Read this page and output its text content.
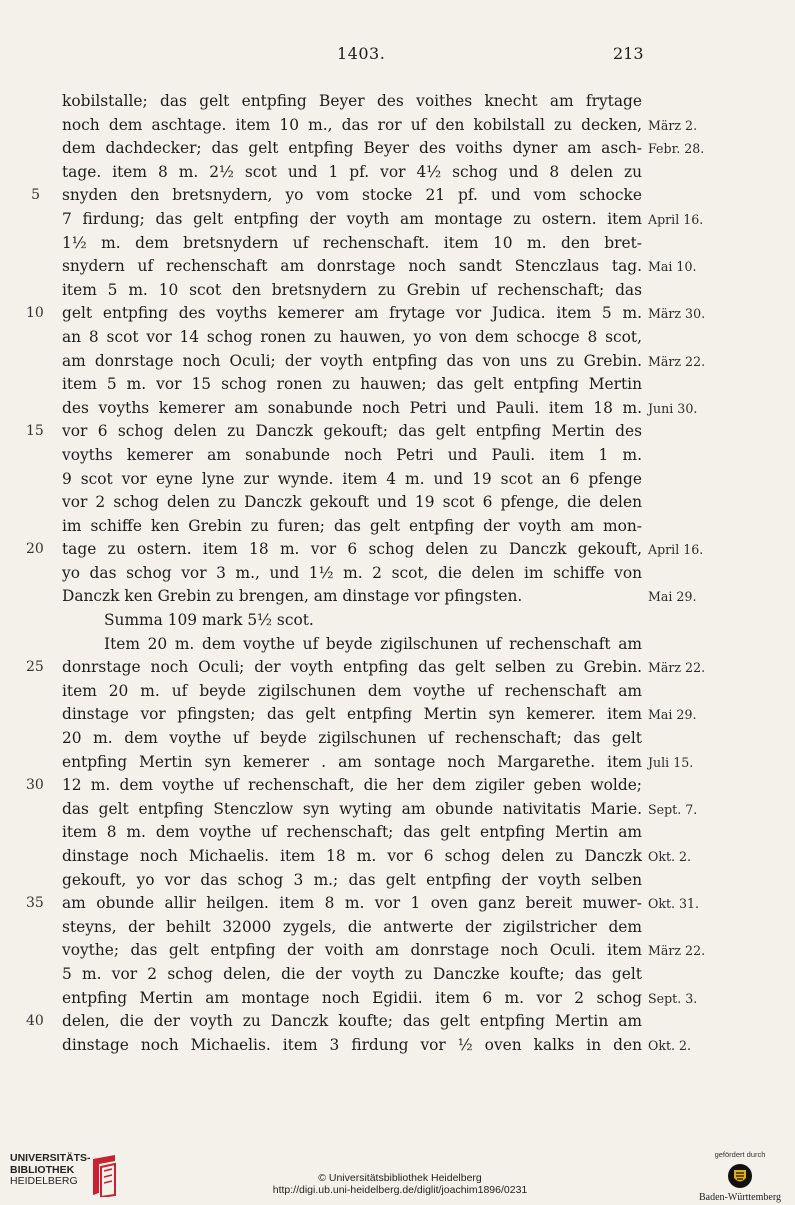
1403.	213
kobilstalle; das gelt entpfing Beyer des voithes knecht am frytage
noch dem aschtage. item 10 m., das ror uf den kobilstall zu decken, März 2.
dem dachdecker; das gelt entpfing Beyer des voiths dyner am asch- Febr. 28.
tage. item 8 m. 2½ scot und 1 pf. vor 4½ schog und 8 delen zu
5 snyden den bretsnydern, yo vom stocke 21 pf. und vom schocke
7 firdung; das gelt entpfing der voyth am montage zu ostern. item April 16.
1½ m. dem bretsnydern uf rechenschaft. item 10 m. den bret-
snydern uf rechenschaft am donrstage noch sandt Stenczlaus tag. Mai 10.
item 5 m. 10 scot den bretsnydern zu Grebin uf rechenschaft; das
10 gelt entpfing des voyths kemerer am frytage vor Judica. item 5 m. März 30.
an 8 scot vor 14 schog ronen zu hauwen, yo von dem schocge 8 scot,
am donrstage noch Oculi; der voyth entpfing das von uns zu Grebin. März 22.
item 5 m. vor 15 schog ronen zu hauwen; das gelt entpfing Mertin
des voyths kemerer am sonabunde noch Petri und Pauli. item 18 m. Juni 30.
15 vor 6 schog delen zu Danczk gekouft; das gelt entpfing Mertin des
voyths kemerer am sonabunde noch Petri und Pauli. item 1 m.
9 scot vor eyne lyne zur wynde. item 4 m. und 19 scot an 6 pfenge
vor 2 schog delen zu Danczk gekouft und 19 scot 6 pfenge, die delen
im schiffe ken Grebin zu furen; das gelt entpfing der voyth am mon-
20 tage zu ostern. item 18 m. vor 6 schog delen zu Danczk gekouft, April 16.
yo das schog vor 3 m., und 1½ m. 2 scot, die delen im schiffe von
Danczk ken Grebin zu brengen, am dinstage vor pfingsten.	Mai 29.
Summa 109 mark 5½ scot.
Item 20 m. dem voythe uf beyde zigilschunen uf rechenschaft am
25 donrstage noch Oculi; der voyth entpfing das gelt selben zu Grebin. März 22.
item 20 m. uf beyde zigilschunen dem voythe uf rechenschaft am
dinstage vor pfingsten; das gelt entpfing Mertin syn kemerer. item Mai 29.
20 m. dem voythe uf beyde zigilschunen uf rechenschaft; das gelt
entpfing Mertin syn kemerer . am sontage noch Margarethe. item Juli 15.
30 12 m. dem voythe uf rechenschaft, die her dem zigiler geben wolde;
das gelt entpfing Stenczlow syn wyting am obunde nativitatis Marie. Sept. 7.
item 8 m. dem voythe uf rechenschaft; das gelt entpfing Mertin am
dinstage noch Michaelis. item 18 m. vor 6 schog delen zu Danczk Okt. 2.
gekouft, yo vor das schog 3 m.; das gelt entpfing der voyth selben
35 am obunde allir heilgen. item 8 m. vor 1 oven ganz bereit muwer- Okt. 31.
steyns, der behilt 32000 zygels, die antwerte der zigilstricher dem
voythe; das gelt entpfing der voith am donrstage noch Oculi. item März 22.
5 m. vor 2 schog delen, die der voyth zu Danczke koufte; das gelt
entpfing Mertin am montage noch Egidii. item 6 m. vor 2 schog Sept. 3.
40 delen, die der voyth zu Danczk koufte; das gelt entpfing Mertin am
dinstage noch Michaelis. item 3 firdung vor ½ oven kalks in den Okt. 2.
UNIVERSITÄTS-
BIBLIOTHEK
HEIDELBERG	© Universitätsbibliothek Heidelberg
http://digi.ub.uni-heidelberg.de/diglit/joachim1896/0231
gefördert durch
Baden-Württemberg
